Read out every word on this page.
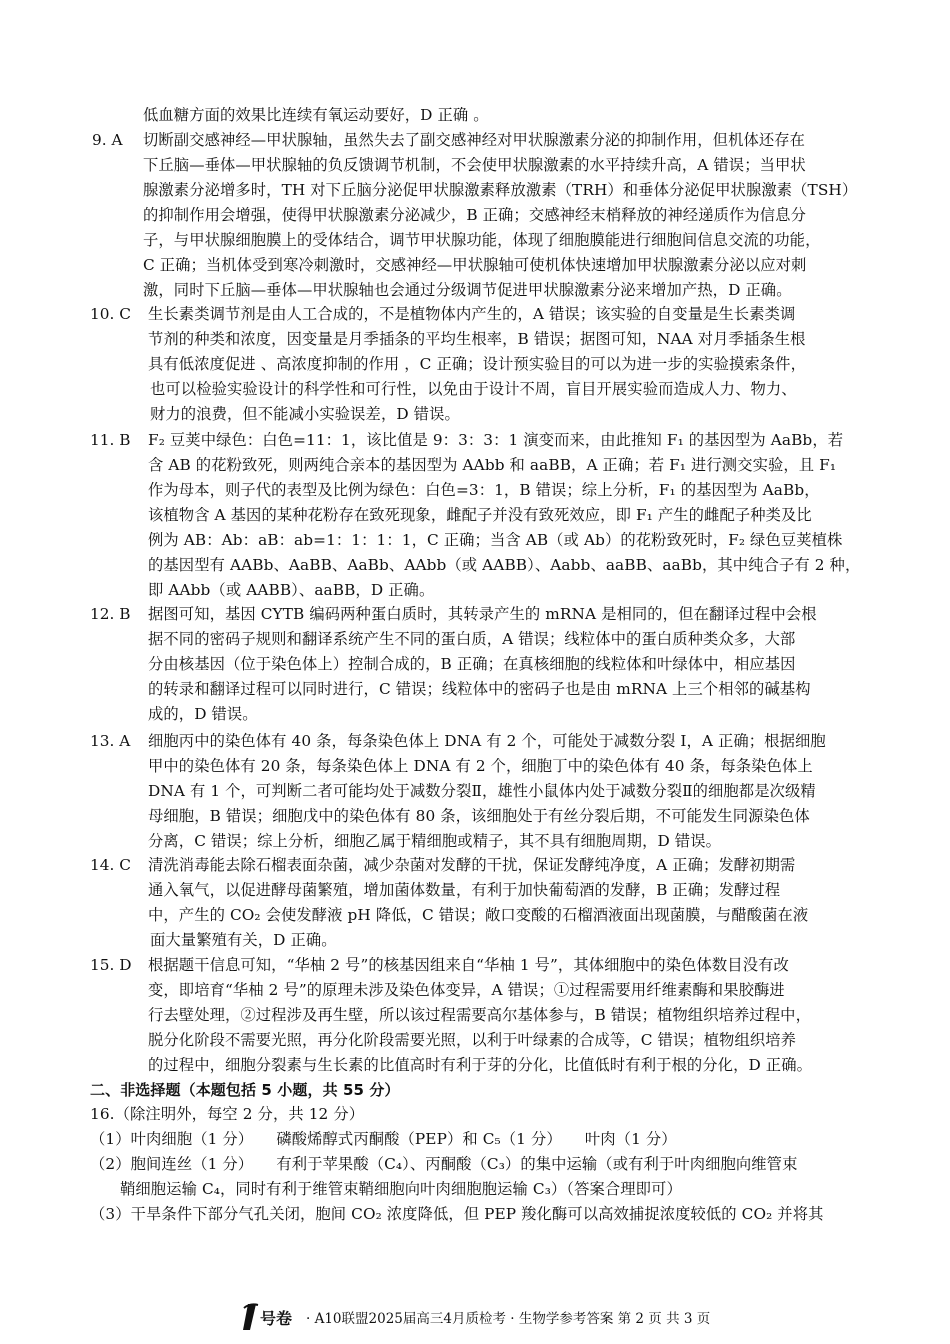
9. A
10. C
11. B
12. B
13. A
14. C
15. D
低血糖方面的效果比连续有氧运动要好，D 正确 。
切断副交感神经—甲状腺轴，虽然失去了副交感神经对甲状腺激素分泌的抑制作用，但机体还存在
下丘脑—垂体—甲状腺轴的负反馈调节机制，不会使甲状腺激素的水平持续升高，A 错误；当甲状
腺激素分泌增多时，TH 对下丘脑分泌促甲状腺激素释放激素（TRH）和垂体分泌促甲状腺激素（TSH）
的抑制作用会增强，使得甲状腺激素分泌减少，B 正确；交感神经末梢释放的神经递质作为信息分
子，与甲状腺细胞膜上的受体结合，调节甲状腺功能，体现了细胞膜能进行细胞间信息交流的功能，
C 正确；当机体受到寒冷刺激时，交感神经—甲状腺轴可使机体快速增加甲状腺激素分泌以应对刺
激，同时下丘脑—垂体—甲状腺轴也会通过分级调节促进甲状腺激素分泌来增加产热，D 正确。
生长素类调节剂是由人工合成的，不是植物体内产生的，A 错误；该实验的自变量是生长素类调
节剂的种类和浓度，因变量是月季插条的平均生根率，B 错误；据图可知，NAA 对月季插条生根
具有低浓度促进 、高浓度抑制的作用 ，C 正确；设计预实验目的可以为进一步的实验摸索条件，
也可以检验实验设计的科学性和可行性，以免由于设计不周，盲目开展实验而造成人力、物力、
财力的浪费，但不能减小实验误差，D 错误。
F₂ 豆荚中绿色：白色=11：1，该比值是 9：3：3：1 演变而来，由此推知 F₁ 的基因型为 AaBb，若
含 AB 的花粉致死，则两纯合亲本的基因型为 AAbb 和 aaBB，A 正确；若 F₁ 进行测交实验，且 F₁
作为母本，则子代的表型及比例为绿色：白色=3：1，B 错误；综上分析，F₁ 的基因型为 AaBb，
该植物含 A 基因的某种花粉存在致死现象，雌配子并没有致死效应，即 F₁ 产生的雌配子种类及比
例为 AB：Ab：aB：ab=1：1：1：1，C 正确；当含 AB（或 Ab）的花粉致死时，F₂ 绿色豆荚植株
的基因型有 AABb、AaBB、AaBb、AAbb（或 AABB）、Aabb、aaBB、aaBb，其中纯合子有 2 种，
即 AAbb（或 AABB）、aaBB，D 正确。
据图可知，基因 CYTB 编码两种蛋白质时，其转录产生的 mRNA 是相同的，但在翻译过程中会根
据不同的密码子规则和翻译系统产生不同的蛋白质，A 错误；线粒体中的蛋白质种类众多，大部
分由核基因（位于染色体上）控制合成的，B 正确；在真核细胞的线粒体和叶绿体中，相应基因
的转录和翻译过程可以同时进行，C 错误；线粒体中的密码子也是由 mRNA 上三个相邻的碱基构
成的，D 错误。
细胞丙中的染色体有 40 条，每条染色体上 DNA 有 2 个，可能处于减数分裂 I，A 正确；根据细胞
甲中的染色体有 20 条，每条染色体上 DNA 有 2 个，细胞丁中的染色体有 40 条，每条染色体上
DNA 有 1 个，可判断二者可能均处于减数分裂Ⅱ，雄性小鼠体内处于减数分裂Ⅱ的细胞都是次级精
母细胞，B 错误；细胞戊中的染色体有 80 条，该细胞处于有丝分裂后期，不可能发生同源染色体
分离，C 错误；综上分析，细胞乙属于精细胞或精子，其不具有细胞周期，D 错误。
清洗消毒能去除石榴表面杂菌，减少杂菌对发酵的干扰，保证发酵纯净度，A 正确；发酵初期需
通入氧气，以促进酵母菌繁殖，增加菌体数量，有利于加快葡萄酒的发酵，B 正确；发酵过程
中，产生的 CO₂ 会使发酵液 pH 降低，C 错误；敞口变酸的石榴酒液面出现菌膜，与醋酸菌在液
面大量繁殖有关，D 正确。
根据题干信息可知，“华柚 2 号”的核基因组来自“华柚 1 号”，其体细胞中的染色体数目没有改
变，即培育“华柚 2 号”的原理未涉及染色体变异，A 错误；①过程需要用纤维素酶和果胶酶进
行去壁处理，②过程涉及再生壁，所以该过程需要高尔基体参与，B 错误；植物组织培养过程中，
脱分化阶段不需要光照，再分化阶段需要光照，以利于叶绿素的合成等，C 错误；植物组织培养
的过程中，细胞分裂素与生长素的比值高时有利于芽的分化，比值低时有利于根的分化，D 正确。
二、非选择题（本题包括 5 小题，共 55 分）
16.（除注明外，每空 2 分，共 12 分）
（1）叶肉细胞（1 分）　　磷酸烯醇式丙酮酸（PEP）和 C₅（1 分）　　叶肉（1 分）
（2）胞间连丝（1 分）　　有利于苹果酸（C₄）、丙酮酸（C₃）的集中运输（或有利于叶肉细胞向维管束
鞘细胞运输 C₄，同时有利于维管束鞘细胞向叶肉细胞胞运输 C₃）（答案合理即可）
（3）干旱条件下部分气孔关闭，胞间 CO₂ 浓度降低，但 PEP 羧化酶可以高效捕捉浓度较低的 CO₂ 并将其
号卷 · A10联盟2025届高三4月质检考 · 生物学参考答案 第 2 页 共 3 页
